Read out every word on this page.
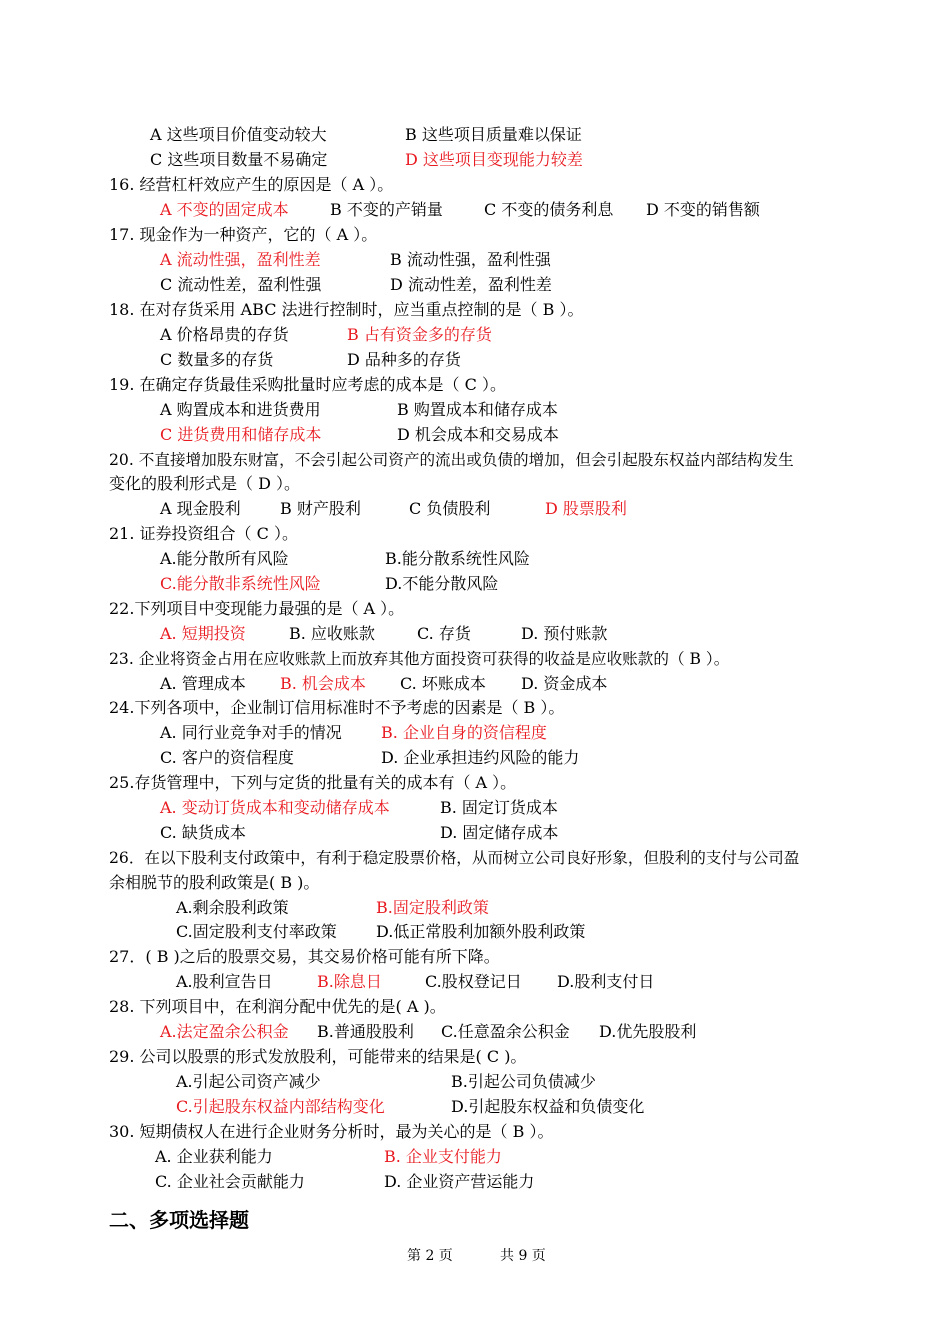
A 这些项目价值变动较大	B 这些项目质量难以保证
C 这些项目数量不易确定	D 这些项目变现能力较差
16. 经营杠杆效应产生的原因是（ A ）。
A 不变的固定成本	B 不变的产销量	C 不变的债务利息 D 不变的销售额
17. 现金作为一种资产，它的（ A ）。
A 流动性强，盈利性差	B 流动性强，盈利性强
C 流动性差，盈利性强	D 流动性差，盈利性差
18. 在对存货采用 ABC 法进行控制时，应当重点控制的是（ B ）。
A 价格昂贵的存货	B 占有资金多的存货
C 数量多的存货	D 品种多的存货
19. 在确定存货最佳采购批量时应考虑的成本是（ C ）。
A 购置成本和进货费用	B 购置成本和储存成本
C 进货费用和储存成本	D 机会成本和交易成本
20. 不直接增加股东财富，不会引起公司资产的流出或负债的增加，但会引起股东权益内部结构发生
变化的股利形式是（ D ）。
A 现金股利 B 财产股利	C 负债股利	D 股票股利
21. 证券投资组合（ C ）。
A.能分散所有风险	B.能分散系统性风险
C.能分散非系统性风险	D.不能分散风险
22.下列项目中变现能力最强的是（ A ）。
A. 短期投资	B. 应收账款	C. 存货	D. 预付账款
23. 企业将资金占用在应收账款上而放弃其他方面投资可获得的收益是应收账款的（ B ）。
A. 管理成本 B. 机会成本 C. 坏账成本 D. 资金成本
24.下列各项中，企业制订信用标准时不予考虑的因素是（ B ）。
A. 同行业竞争对手的情况 B. 企业自身的资信程度
C. 客户的资信程度	D. 企业承担违约风险的能力
25.存货管理中，下列与定货的批量有关的成本有（ A ）。
A. 变动订货成本和变动储存成本	B. 固定订货成本
C. 缺货成本	D. 固定储存成本
26．在以下股利支付政策中，有利于稳定股票价格，从而树立公司良好形象，但股利的支付与公司盈
余相脱节的股利政策是( B )。
A.剩余股利政策	B.固定股利政策
C.固定股利支付率政策 D.低正常股利加额外股利政策
27．( B )之后的股票交易，其交易价格可能有所下降。
A.股利宣告日	B.除息日	C.股权登记日 D.股利支付日
28. 下列项目中，在利润分配中优先的是( A )。
A.法定盈余公积金 B.普通股股利 C.任意盈余公积金 D.优先股股利
29. 公司以股票的形式发放股利，可能带来的结果是( C )。
A.引起公司资产减少	B.引起公司负债减少
C.引起股东权益内部结构变化	D.引起股东权益和负债变化
30. 短期债权人在进行企业财务分析时，最为关心的是（ B ）。
A. 企业获利能力	B. 企业支付能力
C. 企业社会贡献能力	D. 企业资产营运能力
二、多项选择题
第 2 页	共 9 页
